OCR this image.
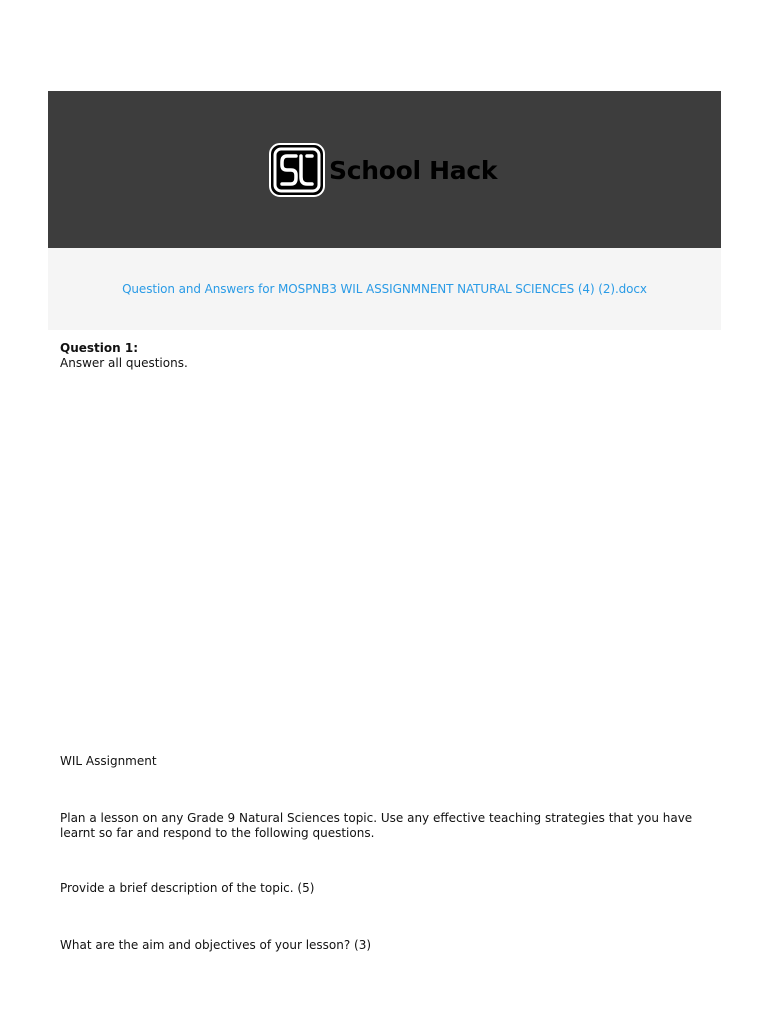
School Hack
Question and Answers for MOSPNB3 WIL ASSIGNMNENT NATURAL SCIENCES (4) (2).docx

Question 1:

Answer all questions.

WIL Assignment

Plan a lesson on any Grade 9 Natural Sciences topic. Use any effective teaching strategies that you have learnt so far and respond to the following questions.

Provide a brief description of the topic. (5)

What are the aim and objectives of your lesson? (3)
